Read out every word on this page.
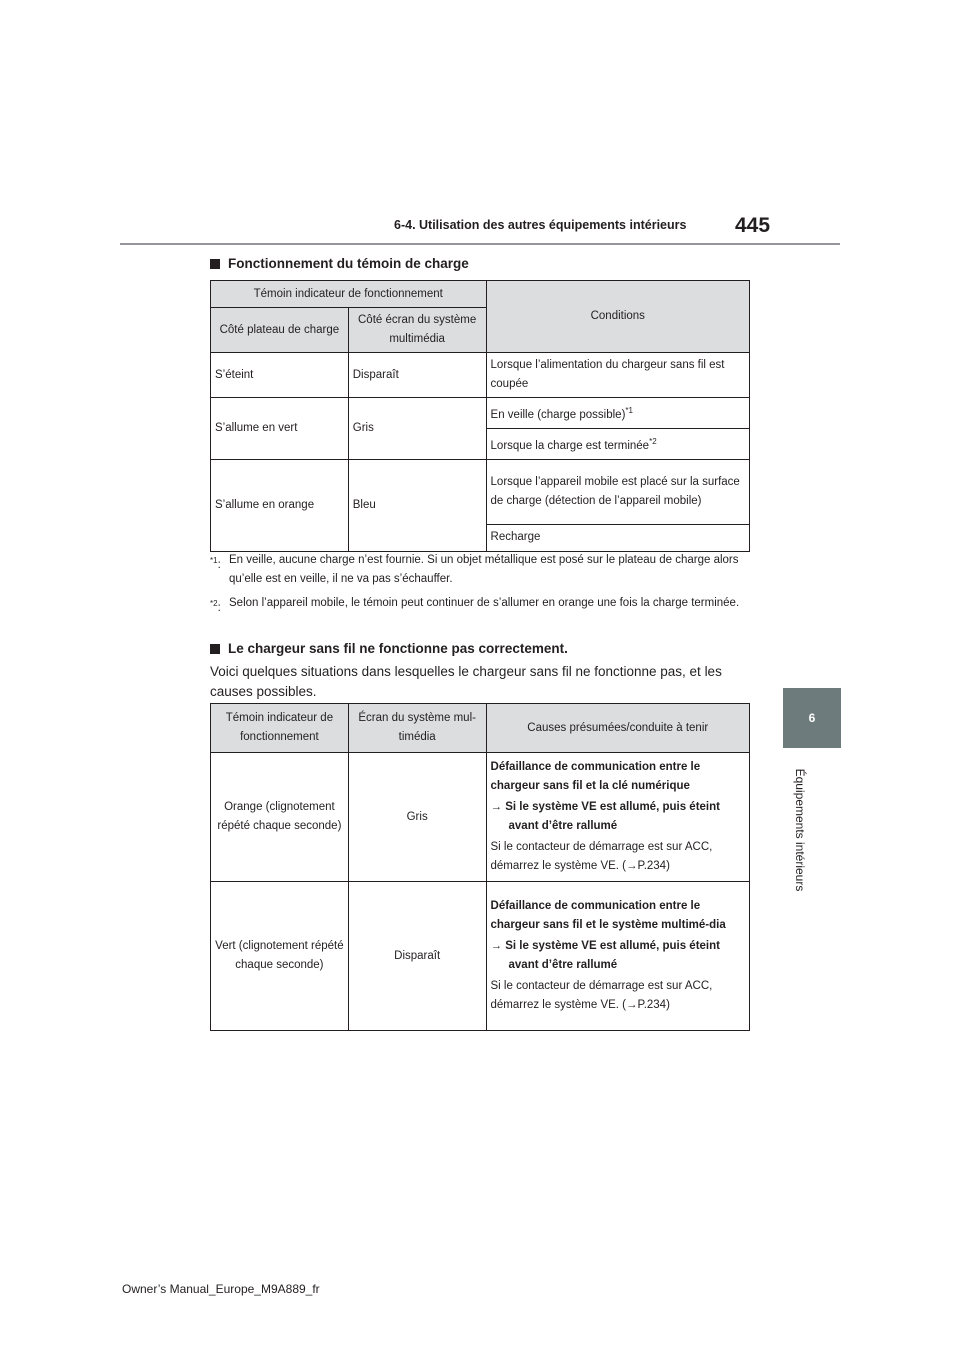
6-4. Utilisation des autres équipements intérieurs 445
6
Équipements intérieurs
Fonctionnement du témoin de charge
Témoin indicateur de fonctionnement		Conditions
Côté plateau de charge	Côté écran du système multimédia	
S’éteint	Disparaît	Lorsque l’alimentation du chargeur sans fil est coupée
S’allume en vert	Gris	En veille (charge possible)$^{*1}$
		Lorsque la charge est terminée$^{*2}$
S’allume en orange	Bleu	Lorsque l’appareil mobile est placé sur la surface de charge (détection de l’appareil mobile)
		Recharge
$^{*1}$: En veille, aucune charge n’est fournie. Si un objet métallique est posé sur le plateau de charge alors qu’elle est en veille, il ne va pas s’échauffer.
$^{*2}$: Selon l’appareil mobile, le témoin peut continuer de s’allumer en orange une fois la charge terminée.
Le chargeur sans fil ne fonctionne pas correctement.
Voici quelques situations dans lesquelles le chargeur sans fil ne fonctionne pas, et les causes possibles.
Témoin indicateur de fonctionnement	Écran du système mul-timédia	Causes présumées/conduite à tenir
Orange (clignotement répété chaque seconde)	Gris	Défaillance de communication entre le chargeur sans fil et la clé numérique
→ Si le système VE est allumé, puis éteint avant d’être rallumé
Si le contacteur de démarrage est sur ACC, démarrez le système VE. (→P.234)

Vert (clignotement répété chaque seconde)	Disparaît	Défaillance de communication entre le chargeur sans fil et le système multimé-dia
→ Si le système VE est allumé, puis éteint avant d’être rallumé
Si le contacteur de démarrage est sur ACC, démarrez le système VE. (→P.234)
Owner’s Manual_Europe_M9A889_fr
